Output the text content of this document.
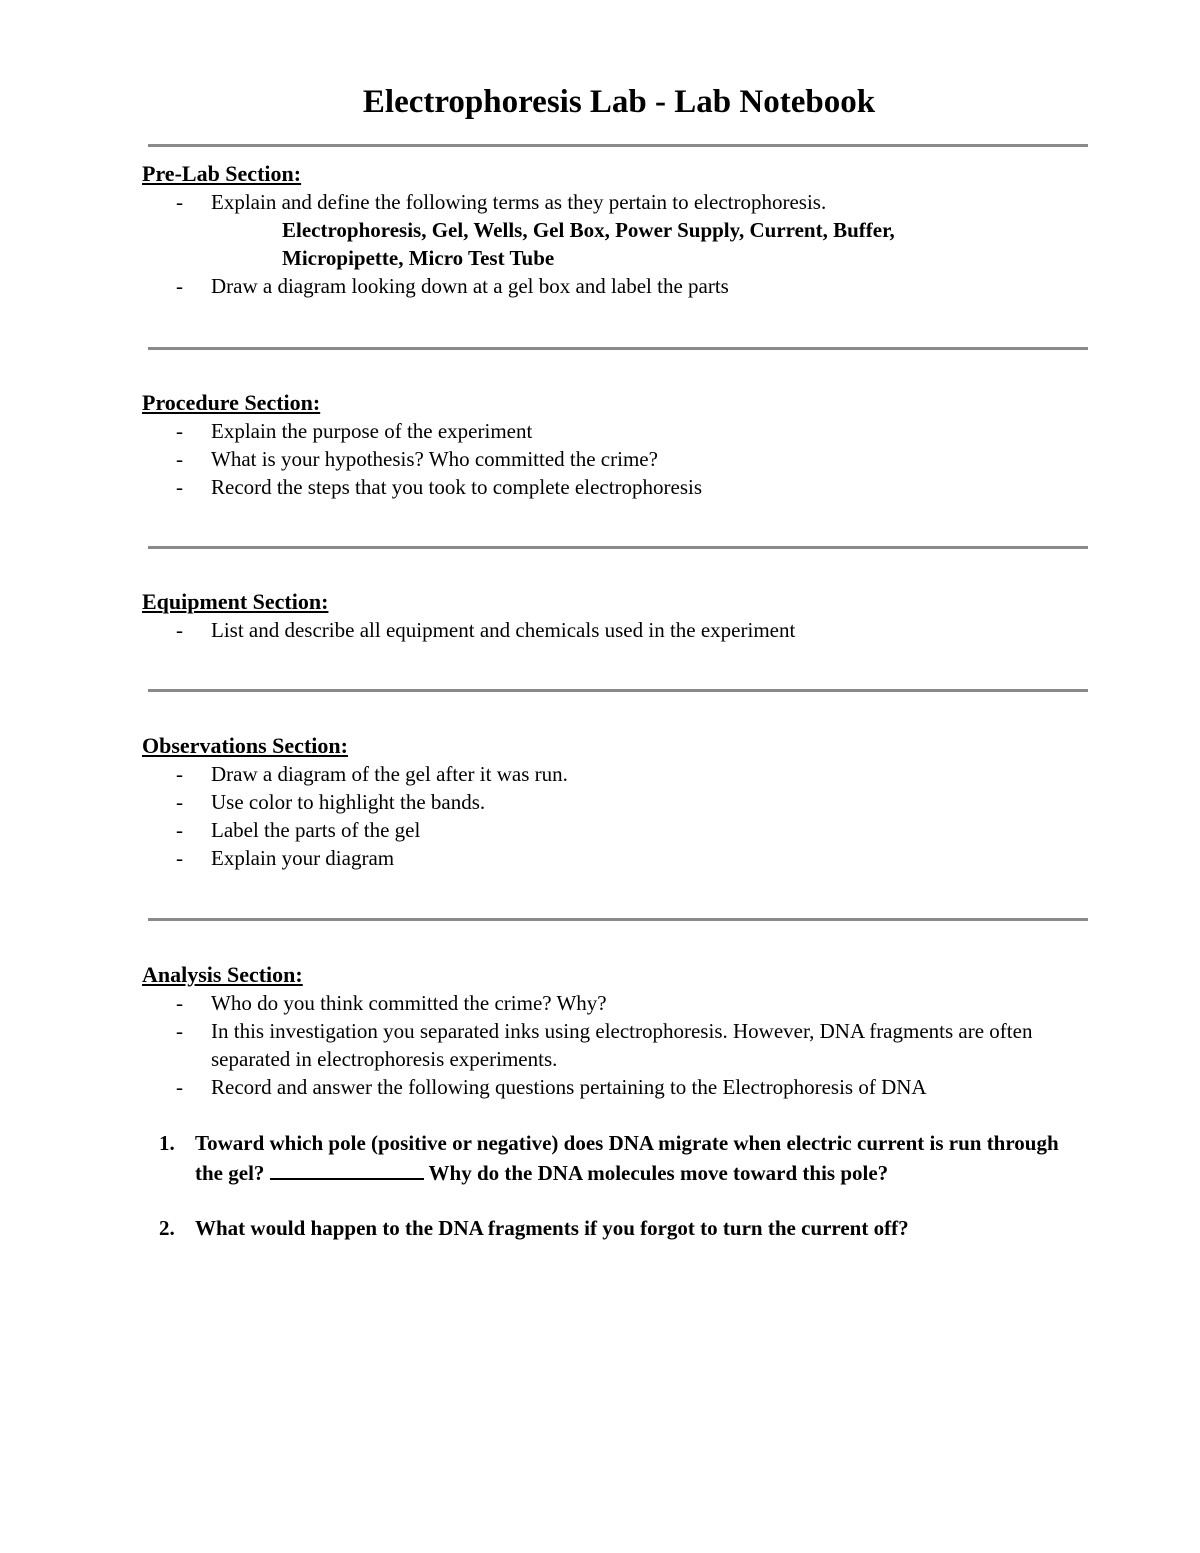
Electrophoresis Lab - Lab Notebook
Pre-Lab Section:
- Explain and define the following terms as they pertain to electrophoresis.
Electrophoresis, Gel, Wells, Gel Box, Power Supply, Current, Buffer,
Micropipette, Micro Test Tube
- Draw a diagram looking down at a gel box and label the parts
Procedure Section:
- Explain the purpose of the experiment
- What is your hypothesis? Who committed the crime?
- Record the steps that you took to complete electrophoresis
Equipment Section:
- List and describe all equipment and chemicals used in the experiment
Observations Section:
- Draw a diagram of the gel after it was run.
- Use color to highlight the bands.
- Label the parts of the gel
- Explain your diagram
Analysis Section:
- Who do you think committed the crime? Why?
- In this investigation you separated inks using electrophoresis. However, DNA fragments are often separated in electrophoresis experiments.
- Record and answer the following questions pertaining to the Electrophoresis of DNA
1. Toward which pole (positive or negative) does DNA migrate when electric current is run through the gel?	Why do the DNA molecules move toward this pole?
2. What would happen to the DNA fragments if you forgot to turn the current off?
